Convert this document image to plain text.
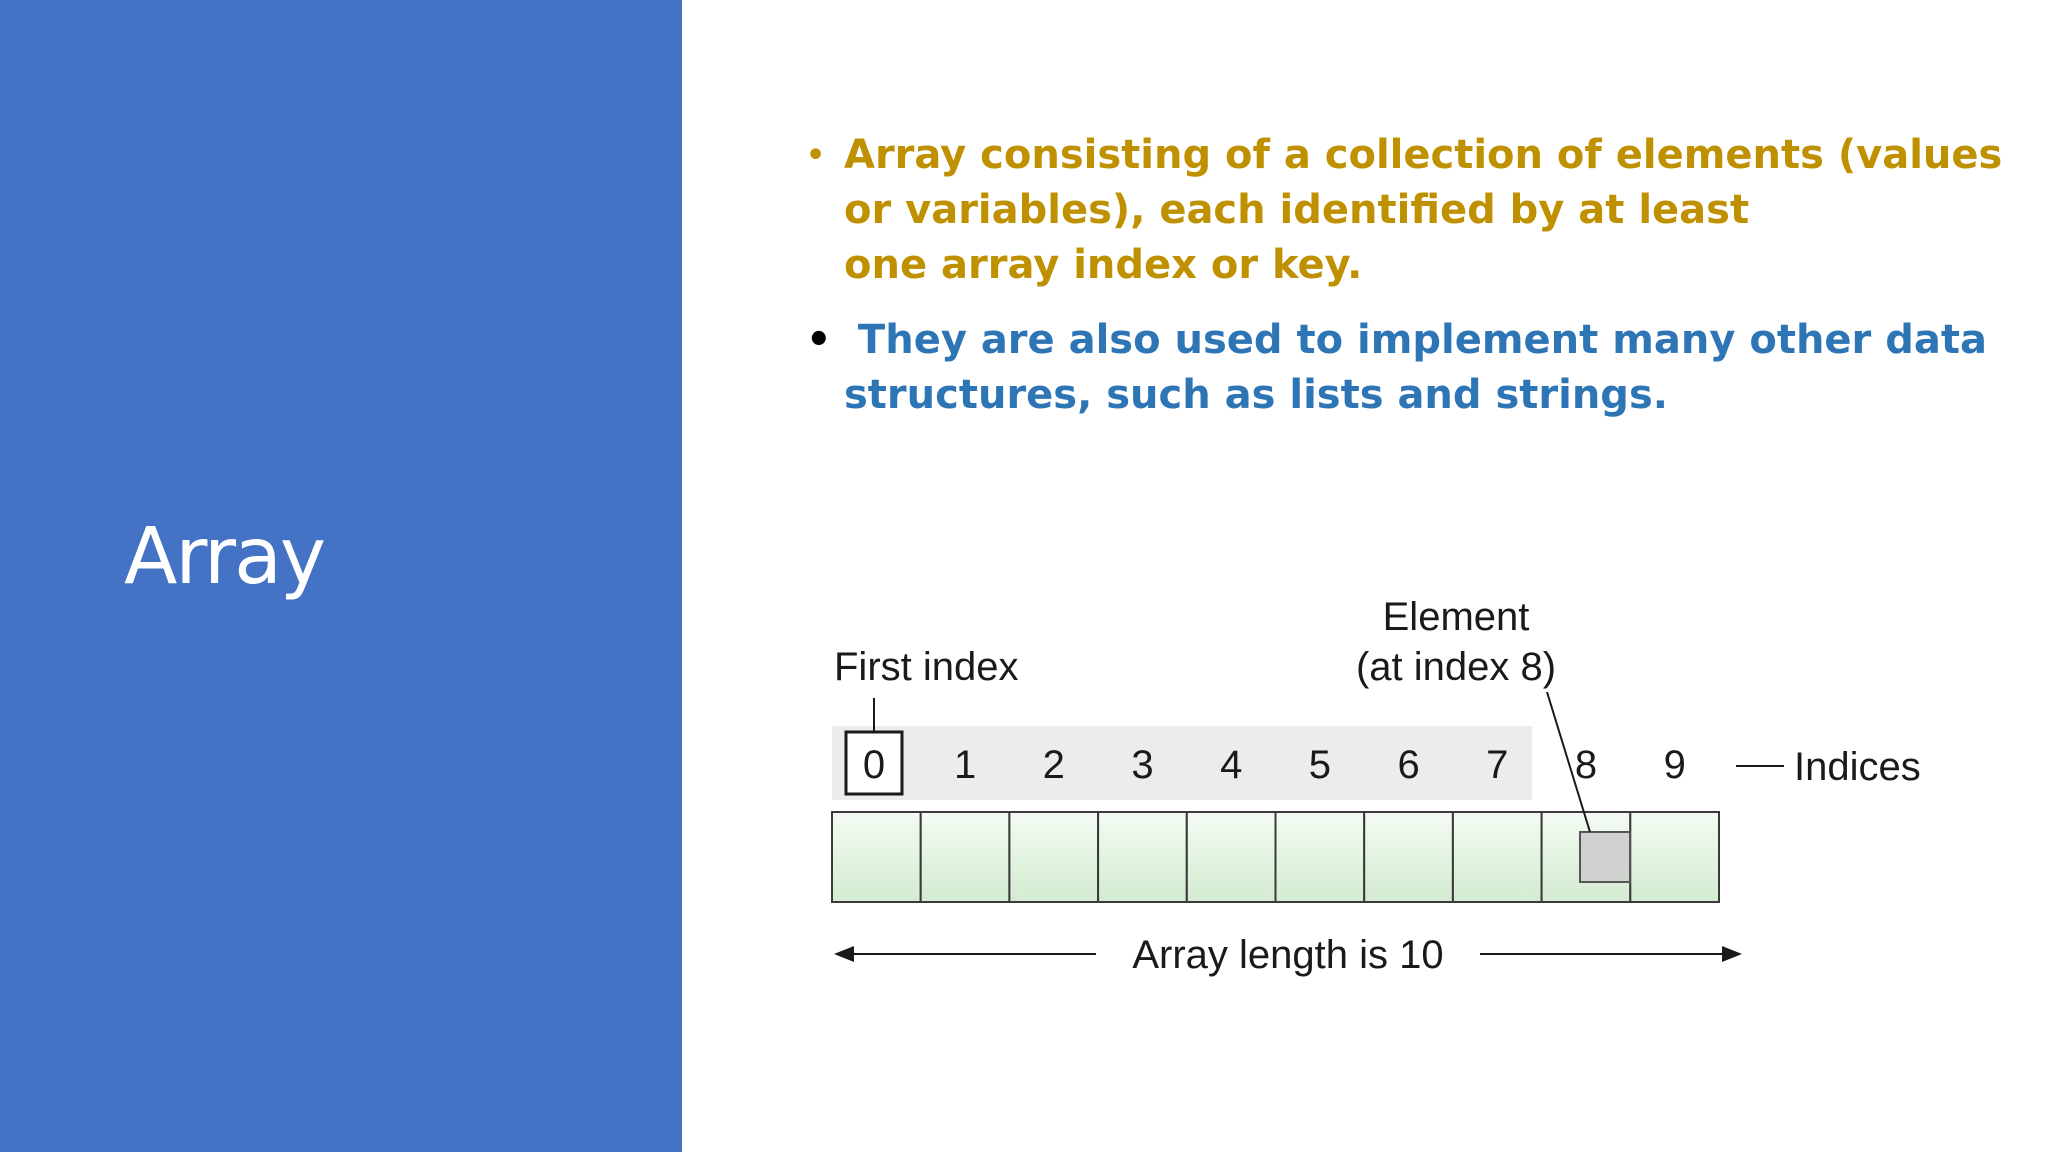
Array
• Array consisting of a collection of elements (values
or variables), each identified by at least
one array index or key.
• They are also used to implement many other data
structures, such as lists and strings.
First index
Element
(at index 8)
0 1 2 3 4 5 6 7 8 9	Indices
Array length is 10
